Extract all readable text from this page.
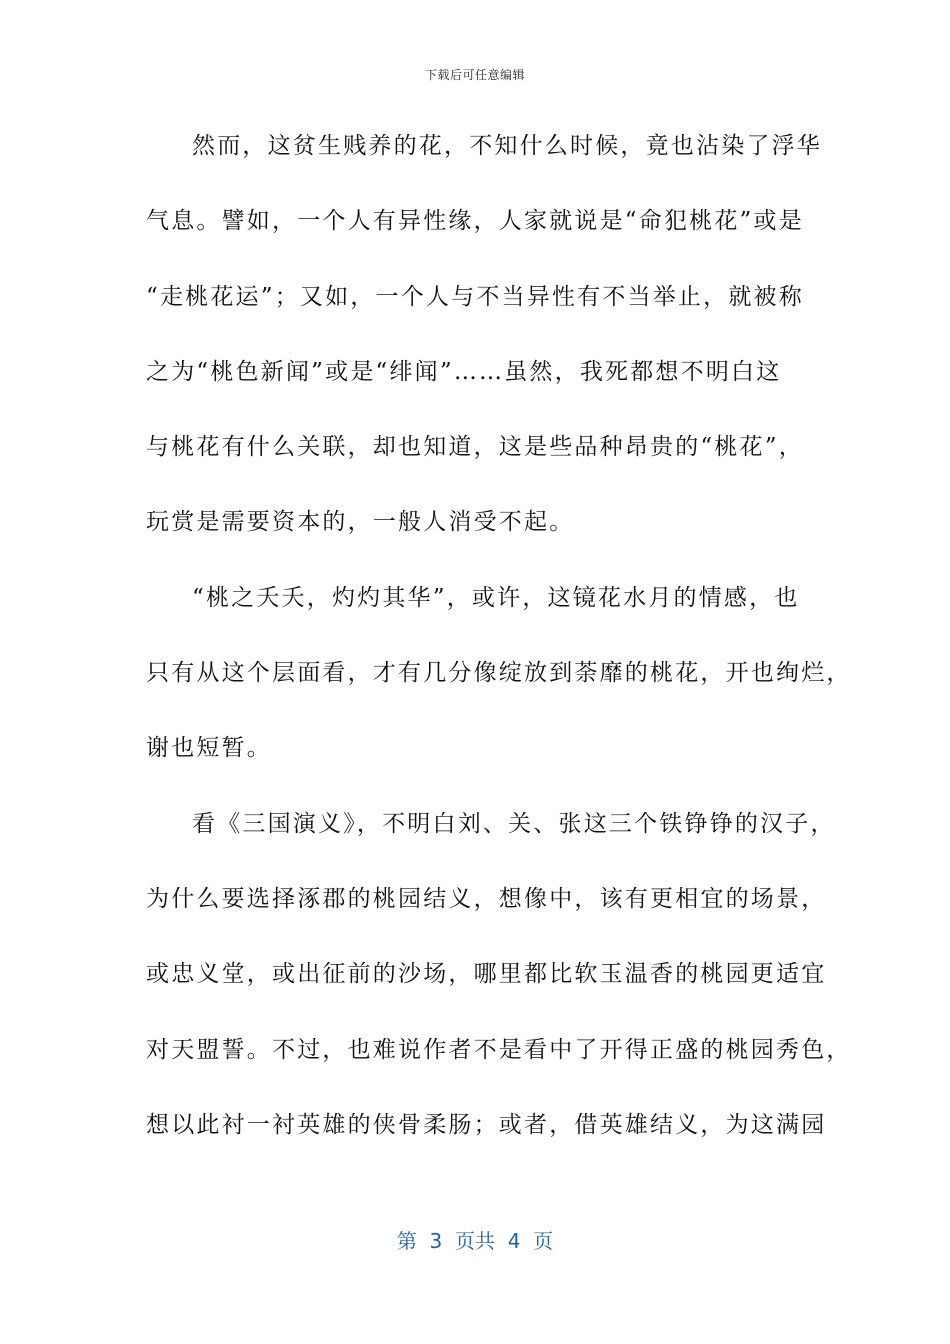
下载后可任意编辑
然而，这贫生贱养的花，不知什么时候，竟也沾染了浮华
气息。譬如，一个人有异性缘，人家就说是“命犯桃花”或是
“走桃花运”；又如，一个人与不当异性有不当举止，就被称
之为“桃色新闻”或是“绯闻”……虽然，我死都想不明白这
与桃花有什么关联，却也知道，这是些品种昂贵的“桃花”，
玩赏是需要资本的，一般人消受不起。
“桃之夭夭，灼灼其华”，或许，这镜花水月的情感，也
只有从这个层面看，才有几分像绽放到荼靡的桃花，开也绚烂，
谢也短暂。
看《三国演义》，不明白刘、关、张这三个铁铮铮的汉子，
为什么要选择涿郡的桃园结义，想像中，该有更相宜的场景，
或忠义堂，或出征前的沙场，哪里都比软玉温香的桃园更适宜
对天盟誓。不过，也难说作者不是看中了开得正盛的桃园秀色，
想以此衬一衬英雄的侠骨柔肠；或者，借英雄结义，为这满园
第  3  页共  4  页
